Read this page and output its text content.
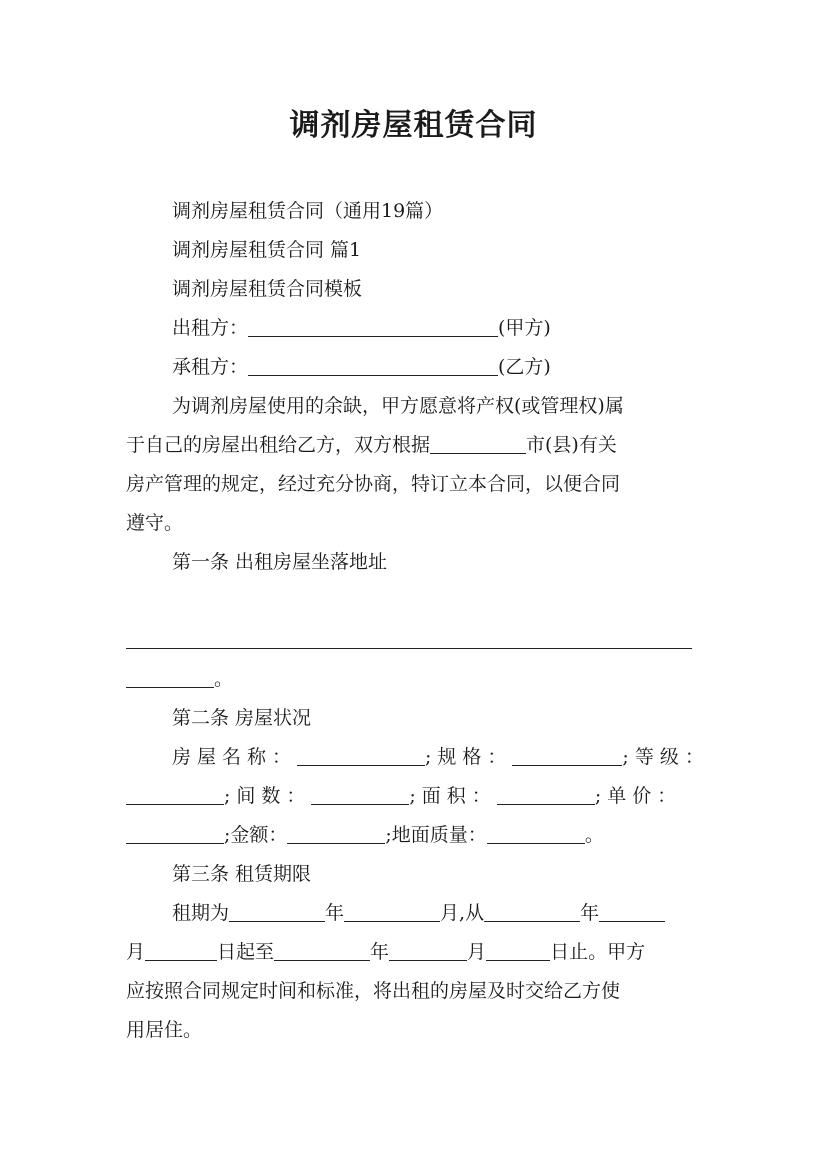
调剂房屋租赁合同
调剂房屋租赁合同（通用19篇）
调剂房屋租赁合同 篇1
调剂房屋租赁合同模板
出租方：	(甲方)
承租方：	(乙方)
为调剂房屋使用的余缺，甲方愿意将产权(或管理权)属
于自己的房屋出租给乙方，双方根据	市(县)有关
房产管理的规定，经过充分协商，特订立本合同，以便合同
遵守。
第一条 出租房屋坐落地址
。
第二条 房屋状况
房屋名称：	;规格：	;等级：
;间数：	;面积：	;单价：
;金额：	;地面质量：	。
第三条 租赁期限
租期为	年	月,从	年
月	日起至	年	月	日止。甲方
应按照合同规定时间和标准，将出租的房屋及时交给乙方使
用居住。
